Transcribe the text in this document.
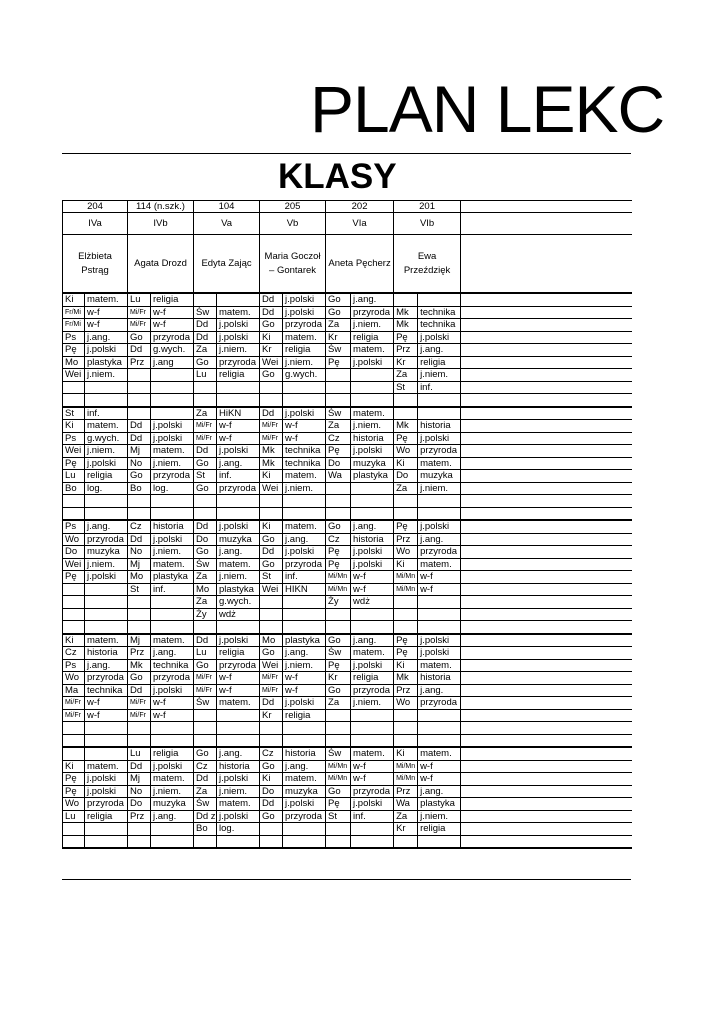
PLAN LEKC
KLASY
204		114 (n.szk.)		104		205		202		201		
IVa		IVb		Va		Vb		VIa		VIb		
Elżbieta Pstrąg		Agata Drozd		Edyta Zając		Maria Goczoł – Gontarek		Aneta Pęcherz		Ewa Przeździęk		
Ki	matem.	Lu	religia			Dd	j.polski	Go	j.ang.			
Fr/Mi	w-f	Mi/Fr	w-f	Św	matem.	Dd	j.polski	Go	przyroda	Mk	technika	
Fr/Mi	w-f	Mi/Fr	w-f	Dd	j.polski	Go	przyroda	Za	j.niem.	Mk	technika	
Ps	j.ang.	Go	przyroda	Dd	j.polski	Ki	matem.	Kr	religia	Pę	j.polski	
Pę	j.polski	Dd	g.wych.	Za	j.niem.	Kr	religia	Św	matem.	Prz	j.ang.	
Mo	plastyka	Prz	j.ang	Go	przyroda	Wei	j.niem.	Pę	j.polski	Kr	religia	
Wei	j.niem.			Lu	religia	Go	g.wych.			Za	j.niem.	
										St	inf.	

St	inf.			Za	HiKN	Dd	j.polski	Św	matem.			
Ki	matem.	Dd	j.polski	Mi/Fr	w-f	Mi/Fr	w-f	Za	j.niem.	Mk	historia	
Ps	g.wych.	Dd	j.polski	Mi/Fr	w-f	Mi/Fr	w-f	Cz	historia	Pę	j.polski	
Wei	j.niem.	Mj	matem.	Dd	j.polski	Mk	technika	Pę	j.polski	Wo	przyroda	
Pę	j.polski	No	j.niem.	Go	j.ang.	Mk	technika	Do	muzyka	Ki	matem.	
Lu	religia	Go	przyroda	St	inf.	Ki	matem.	Wa	plastyka	Do	muzyka	
Bo	log.	Bo	log.	Go	przyroda	Wei	j.niem.			Za	j.niem.	

Ps	j.ang.	Cz	historia	Dd	j.polski	Ki	matem.	Go	j.ang.	Pę	j.polski	
Wo	przyroda	Dd	j.polski	Do	muzyka	Go	j.ang.	Cz	historia	Prz	j.ang.	
Do	muzyka	No	j.niem.	Go	j.ang.	Dd	j.polski	Pę	j.polski	Wo	przyroda	
Wei	j.niem.	Mj	matem.	Św	matem.	Go	przyroda	Pę	j.polski	Ki	matem.	
Pę	j.polski	Mo	plastyka	Za	j.niem.	St	inf.	Mi/Mn	w-f	Mi/Mn	w-f	
		St	inf.	Mo	plastyka	Wei	HIKN	Mi/Mn	w-f	Mi/Mn	w-f	
				Za	g.wych.			Ży	wdż			
				Ży	wdż							

Ki	matem.	Mj	matem.	Dd	j.polski	Mo	plastyka	Go	j.ang.	Pę	j.polski	
Cz	historia	Prz	j.ang.	Lu	religia	Go	j.ang.	Św	matem.	Pę	j.polski	
Ps	j.ang.	Mk	technika	Go	przyroda	Wei	j.niem.	Pę	j.polski	Ki	matem.	
Wo	przyroda	Go	przyroda	Mi/Fr	w-f	Mi/Fr	w-f	Kr	religia	Mk	historia	
Ma	technika	Dd	j.polski	Mi/Fr	w-f	Mi/Fr	w-f	Go	przyroda	Prz	j.ang.	
Mi/Fr	w-f	Mi/Fr	w-f	Św	matem.	Dd	j.polski	Za	j.niem.	Wo	przyroda	
Mi/Fr	w-f	Mi/Fr	w-f			Kr	religia					

		Lu	religia	Go	j.ang.	Cz	historia	Św	matem.	Ki	matem.	
Ki	matem.	Dd	j.polski	Cz	historia	Go	j.ang.	Mi/Mn	w-f	Mi/Mn	w-f	
Pę	j.polski	Mj	matem.	Dd	j.polski	Ki	matem.	Mi/Mn	w-f	Mi/Mn	w-f	
Pę	j.polski	No	j.niem.	Za	j.niem.	Do	muzyka	Go	przyroda	Prz	j.ang.	
Wo	przyroda	Do	muzyka	Św	matem.	Dd	j.polski	Pę	j.polski	Wa	plastyka	
Lu	religia	Prz	j.ang.	Dd z	j.polski	Go	przyroda	St	inf.	Za	j.niem.	
				Bo	log.					Kr	religia	
